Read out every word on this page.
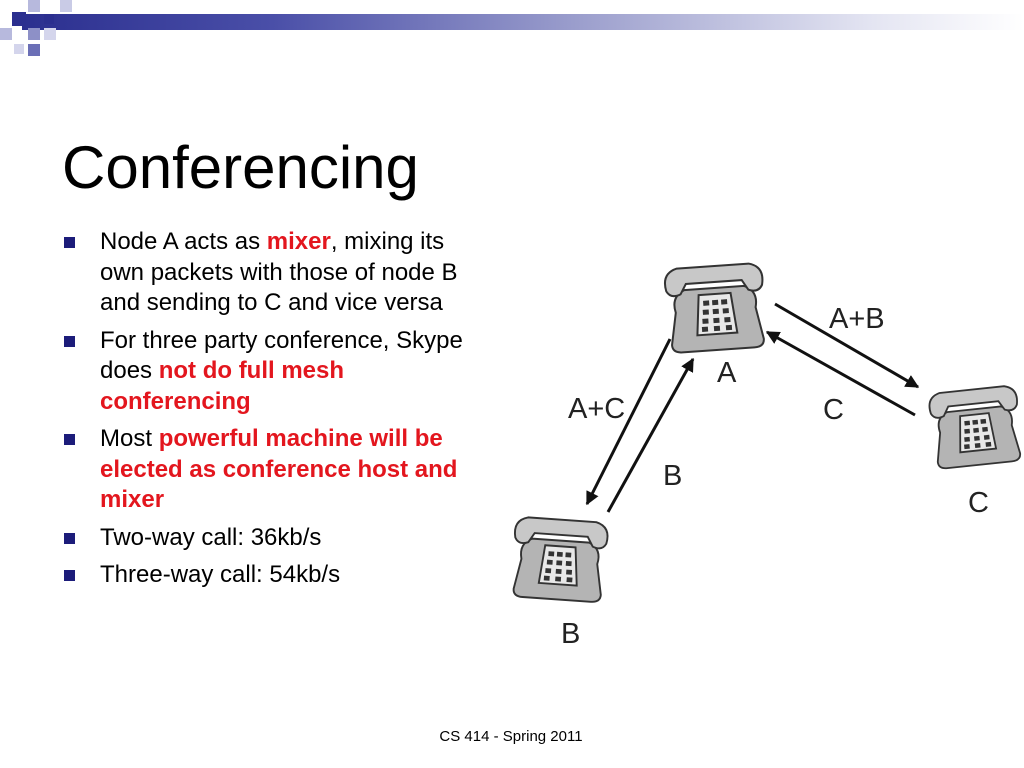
Conferencing
Node A acts as mixer, mixing its own packets with those of node B and sending to C and vice versa
For three party conference, Skype does not do full mesh conferencing
Most powerful machine will be elected as conference host and mixer
Two-way call: 36kb/s
Three-way call: 54kb/s
A
C
B
A+B
C
A+C
B
CS 414 - Spring 2011
